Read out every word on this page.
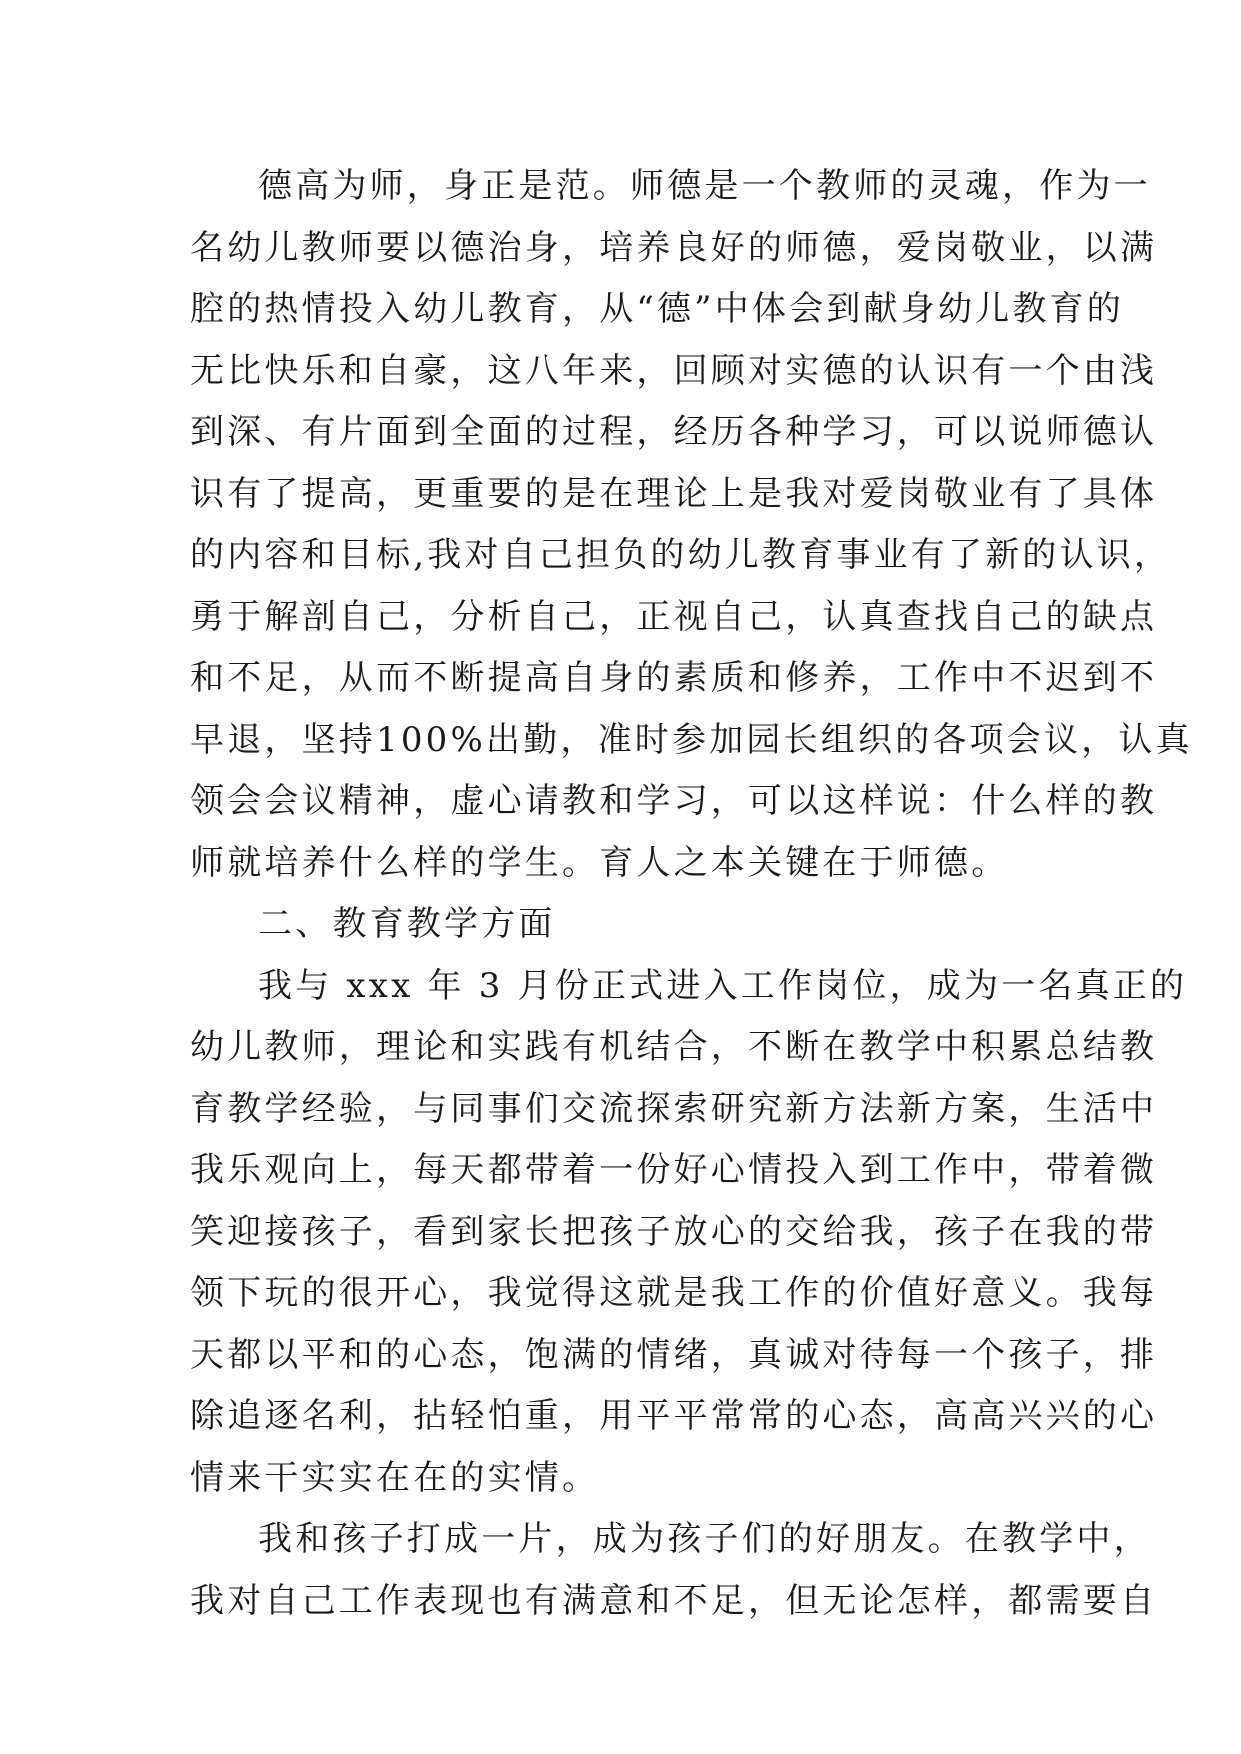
德高为师，身正是范。师德是一个教师的灵魂，作为一
名幼儿教师要以德治身，培养良好的师德，爱岗敬业，以满
腔的热情投入幼儿教育，从“德”中体会到献身幼儿教育的
无比快乐和自豪，这八年来，回顾对实德的认识有一个由浅
到深、有片面到全面的过程，经历各种学习，可以说师德认
识有了提高，更重要的是在理论上是我对爱岗敬业有了具体
的内容和目标,我对自己担负的幼儿教育事业有了新的认识，
勇于解剖自己，分析自己，正视自己，认真查找自己的缺点
和不足，从而不断提高自身的素质和修养，工作中不迟到不
早退，坚持100%出勤，准时参加园长组织的各项会议，认真
领会会议精神，虚心请教和学习，可以这样说：什么样的教
师就培养什么样的学生。育人之本关键在于师德。
二、教育教学方面
我与 xxx 年 3 月份正式进入工作岗位，成为一名真正的
幼儿教师，理论和实践有机结合，不断在教学中积累总结教
育教学经验，与同事们交流探索研究新方法新方案，生活中
我乐观向上，每天都带着一份好心情投入到工作中，带着微
笑迎接孩子，看到家长把孩子放心的交给我，孩子在我的带
领下玩的很开心，我觉得这就是我工作的价值好意义。我每
天都以平和的心态，饱满的情绪，真诚对待每一个孩子，排
除追逐名利，拈轻怕重，用平平常常的心态，高高兴兴的心
情来干实实在在的实情。
我和孩子打成一片，成为孩子们的好朋友。在教学中，
我对自己工作表现也有满意和不足，但无论怎样，都需要自
